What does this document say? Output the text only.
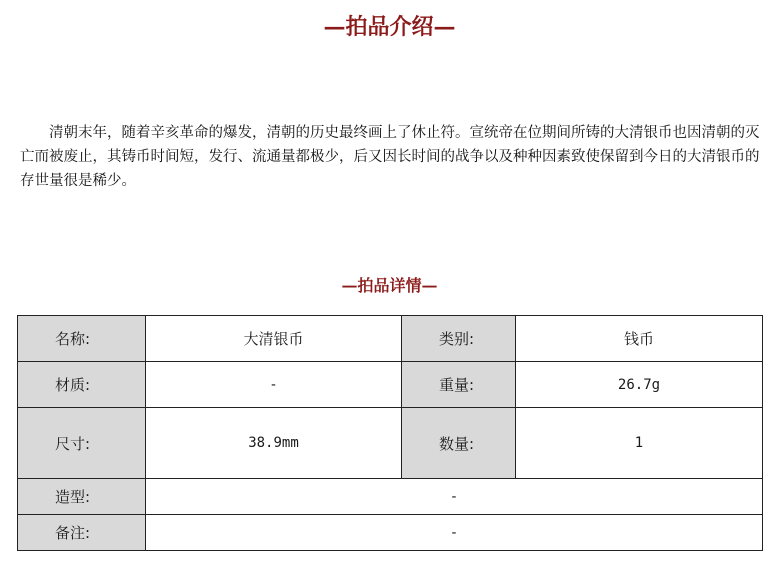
—拍品介绍—

清朝末年，随着辛亥革命的爆发，清朝的历史最终画上了休止符。宣统帝在位期间所铸的大清银币也因清朝的灭亡而被废止，其铸币时间短，发行、流通量都极少，后又因长时间的战争以及种种因素致使保留到今日的大清银币的存世量很是稀少。

—拍品详情—
名称:	大清银币	类别:	钱币
材质:	-	重量:	26.7g
尺寸:	38.9mm	数量:	1
造型:	-		
备注:	-		
